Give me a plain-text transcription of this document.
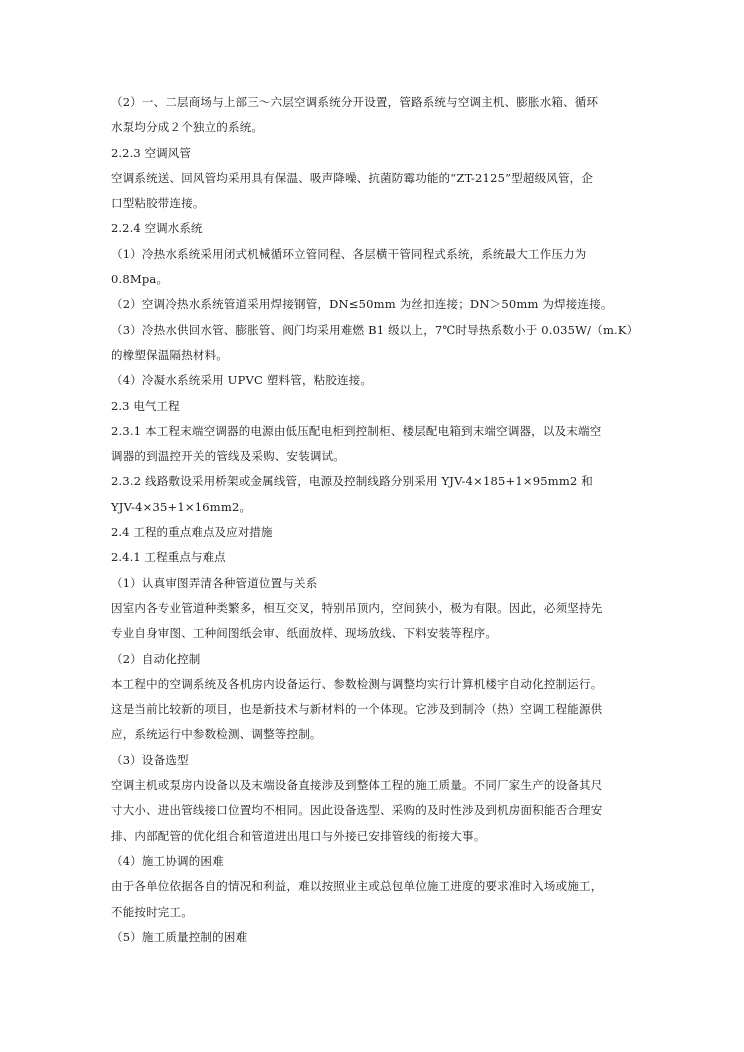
（2）一、二层商场与上部三～六层空调系统分开设置，管路系统与空调主机、膨胀水箱、循环
水泵均分成２个独立的系统。
2.2.3 空调风管
空调系统送、回风管均采用具有保温、吸声降噪、抗菌防霉功能的“ZT-2125”型超级风管，企
口型粘胶带连接。
2.2.4 空调水系统
（1）冷热水系统采用闭式机械循环立管同程、各层横干管同程式系统，系统最大工作压力为
0.8Mpa。
（2）空调冷热水系统管道采用焊接钢管，DN≤50mm 为丝扣连接；DN＞50mm 为焊接连接。
（3）冷热水供回水管、膨胀管、阀门均采用难燃 B1 级以上，7℃时导热系数小于 0.035W/（m.K）
的橡塑保温隔热材料。
（4）冷凝水系统采用 UPVC 塑料管，粘胶连接。
2.3 电气工程
2.3.1 本工程末端空调器的电源由低压配电柜到控制柜、楼层配电箱到末端空调器，以及末端空
调器的到温控开关的管线及采购、安装调试。
2.3.2 线路敷设采用桥架或金属线管，电源及控制线路分别采用 YJV-4×185+1×95mm2 和
YJV-4×35+1×16mm2。
2.4 工程的重点难点及应对措施
2.4.1 工程重点与难点
（1）认真审图弄清各种管道位置与关系
因室内各专业管道种类繁多，相互交叉，特别吊顶内，空间狭小，极为有限。因此，必须坚持先
专业自身审图、工种间图纸会审、纸面放样、现场放线、下料安装等程序。
（2）自动化控制
本工程中的空调系统及各机房内设备运行、参数检测与调整均实行计算机楼宇自动化控制运行。
这是当前比较新的项目，也是新技术与新材料的一个体现。它涉及到制冷（热）空调工程能源供
应，系统运行中参数检测、调整等控制。
（3）设备选型
空调主机或泵房内设备以及末端设备直接涉及到整体工程的施工质量。不同厂家生产的设备其尺
寸大小、进出管线接口位置均不相同。因此设备选型、采购的及时性涉及到机房面积能否合理安
排、内部配管的优化组合和管道进出甩口与外接已安排管线的衔接大事。
（4）施工协调的困难
由于各单位依据各自的情况和利益，难以按照业主或总包单位施工进度的要求准时入场或施工，
不能按时完工。
（5）施工质量控制的困难
